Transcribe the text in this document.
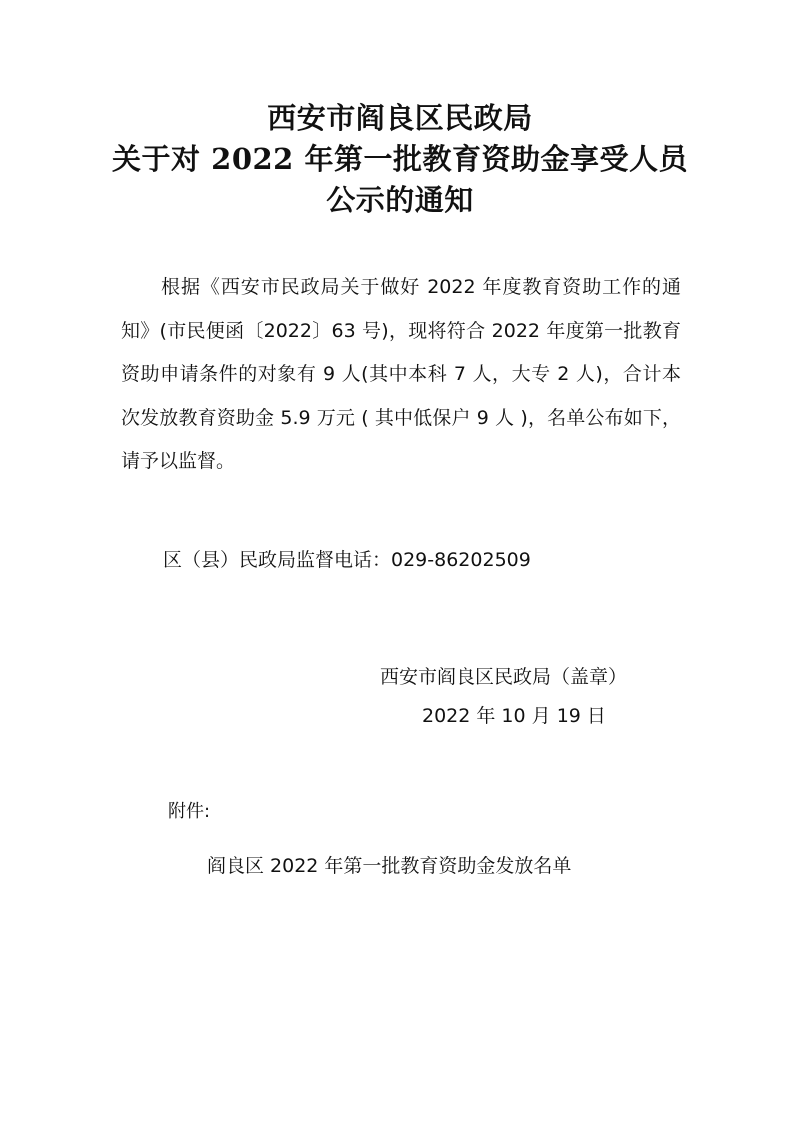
西安市阎良区民政局
关于对 2022 年第一批教育资助金享受人员
公示的通知

根据《西安市民政局关于做好 2022 年度教育资助工作的通知》(市民便函〔2022〕63 号)，现将符合 2022 年度第一批教育资助申请条件的对象有 9 人(其中本科 7 人，大专 2 人)，合计本次发放教育资助金 5.9 万元 ( 其中低保户 9 人 )，名单公布如下，请予以监督。

区（县）民政局监督电话：029-86202509
西安市阎良区民政局（盖章）
2022 年 10 月 19 日
附件:
阎良区 2022 年第一批教育资助金发放名单
